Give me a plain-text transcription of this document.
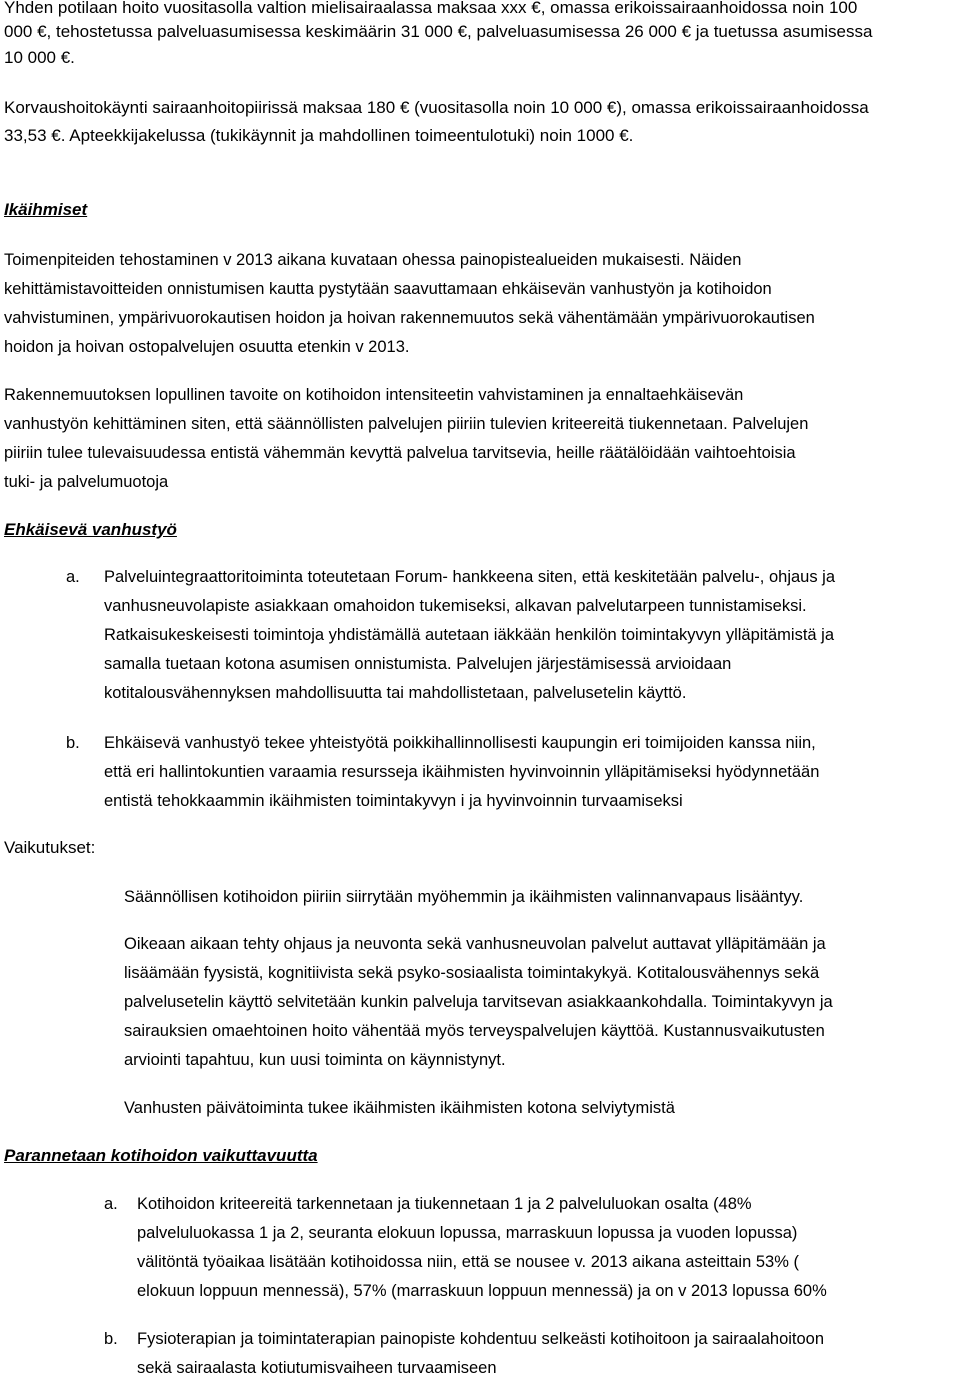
Yhden potilaan hoito vuositasolla valtion mielisairaalassa maksaa xxx €, omassa erikoissairaanhoidossa noin 100
000 €, tehostetussa palveluasumisessa keskimäärin 31 000 €, palveluasumisessa 26 000 € ja tuetussa asumisessa
10 000 €.
Korvaushoitokäynti sairaanhoitopiirissä maksaa 180 € (vuositasolla noin 10 000 €), omassa erikoissairaanhoidossa
33,53 €. Apteekkijakelussa (tukikäynnit ja mahdollinen toimeentulotuki) noin 1000 €.
Ikäihmiset
Toimenpiteiden tehostaminen v 2013 aikana kuvataan ohessa painopistealueiden mukaisesti. Näiden
kehittämistavoitteiden onnistumisen kautta pystytään saavuttamaan ehkäisevän vanhustyön ja kotihoidon
vahvistuminen, ympärivuorokautisen hoidon ja hoivan rakennemuutos sekä vähentämään ympärivuorokautisen
hoidon ja hoivan ostopalvelujen osuutta etenkin v 2013.
Rakennemuutoksen lopullinen tavoite on kotihoidon intensiteetin vahvistaminen ja ennaltaehkäisevän
vanhustyön kehittäminen siten, että säännöllisten palvelujen piiriin tulevien kriteereitä tiukennetaan. Palvelujen
piiriin tulee tulevaisuudessa entistä vähemmän kevyttä palvelua tarvitsevia, heille räätälöidään vaihtoehtoisia
tuki- ja palvelumuotoja
Ehkäisevä vanhustyö
a. Palveluintegraattoritoiminta toteutetaan Forum- hankkeena siten, että keskitetään palvelu-, ohjaus ja
vanhusneuvolapiste asiakkaan omahoidon tukemiseksi, alkavan palvelutarpeen tunnistamiseksi.
Ratkaisukeskeisesti toimintoja yhdistämällä autetaan iäkkään henkilön toimintakyvyn ylläpitämistä ja
samalla tuetaan kotona asumisen onnistumista. Palvelujen järjestämisessä arvioidaan
kotitalousvähennyksen mahdollisuutta tai mahdollistetaan, palvelusetelin käyttö.
b. Ehkäisevä vanhustyö tekee yhteistyötä poikkihallinnollisesti kaupungin eri toimijoiden kanssa niin,
että eri hallintokuntien varaamia resursseja ikäihmisten hyvinvoinnin ylläpitämiseksi hyödynnetään
entistä tehokkaammin ikäihmisten toimintakyvyn i ja hyvinvoinnin turvaamiseksi
Vaikutukset:
Säännöllisen kotihoidon piiriin siirrytään myöhemmin ja ikäihmisten valinnanvapaus lisääntyy.
Oikeaan aikaan tehty ohjaus ja neuvonta sekä vanhusneuvolan palvelut auttavat ylläpitämään ja
lisäämään fyysistä, kognitiivista sekä psyko-sosiaalista toimintakykyä. Kotitalousvähennys sekä
palvelusetelin käyttö selvitetään kunkin palveluja tarvitsevan asiakkaankohdalla. Toimintakyvyn ja
sairauksien omaehtoinen hoito vähentää myös terveyspalvelujen käyttöä. Kustannusvaikutusten
arviointi tapahtuu, kun uusi toiminta on käynnistynyt.
Vanhusten päivätoiminta tukee ikäihmisten ikäihmisten kotona selviytymistä
Parannetaan kotihoidon vaikuttavuutta
a. Kotihoidon kriteereitä tarkennetaan ja tiukennetaan 1 ja 2 palveluluokan osalta (48%
palveluluokassa 1 ja 2, seuranta elokuun lopussa, marraskuun lopussa ja vuoden lopussa)
välitöntä työaikaa lisätään kotihoidossa niin, että se nousee v. 2013 aikana asteittain 53% (
elokuun loppuun mennessä), 57% (marraskuun loppuun mennessä) ja on v 2013 lopussa 60%
b. Fysioterapian ja toimintaterapian painopiste kohdentuu selkeästi kotihoitoon ja sairaalahoitoon
sekä sairaalasta kotiutumisvaiheen turvaamiseen
